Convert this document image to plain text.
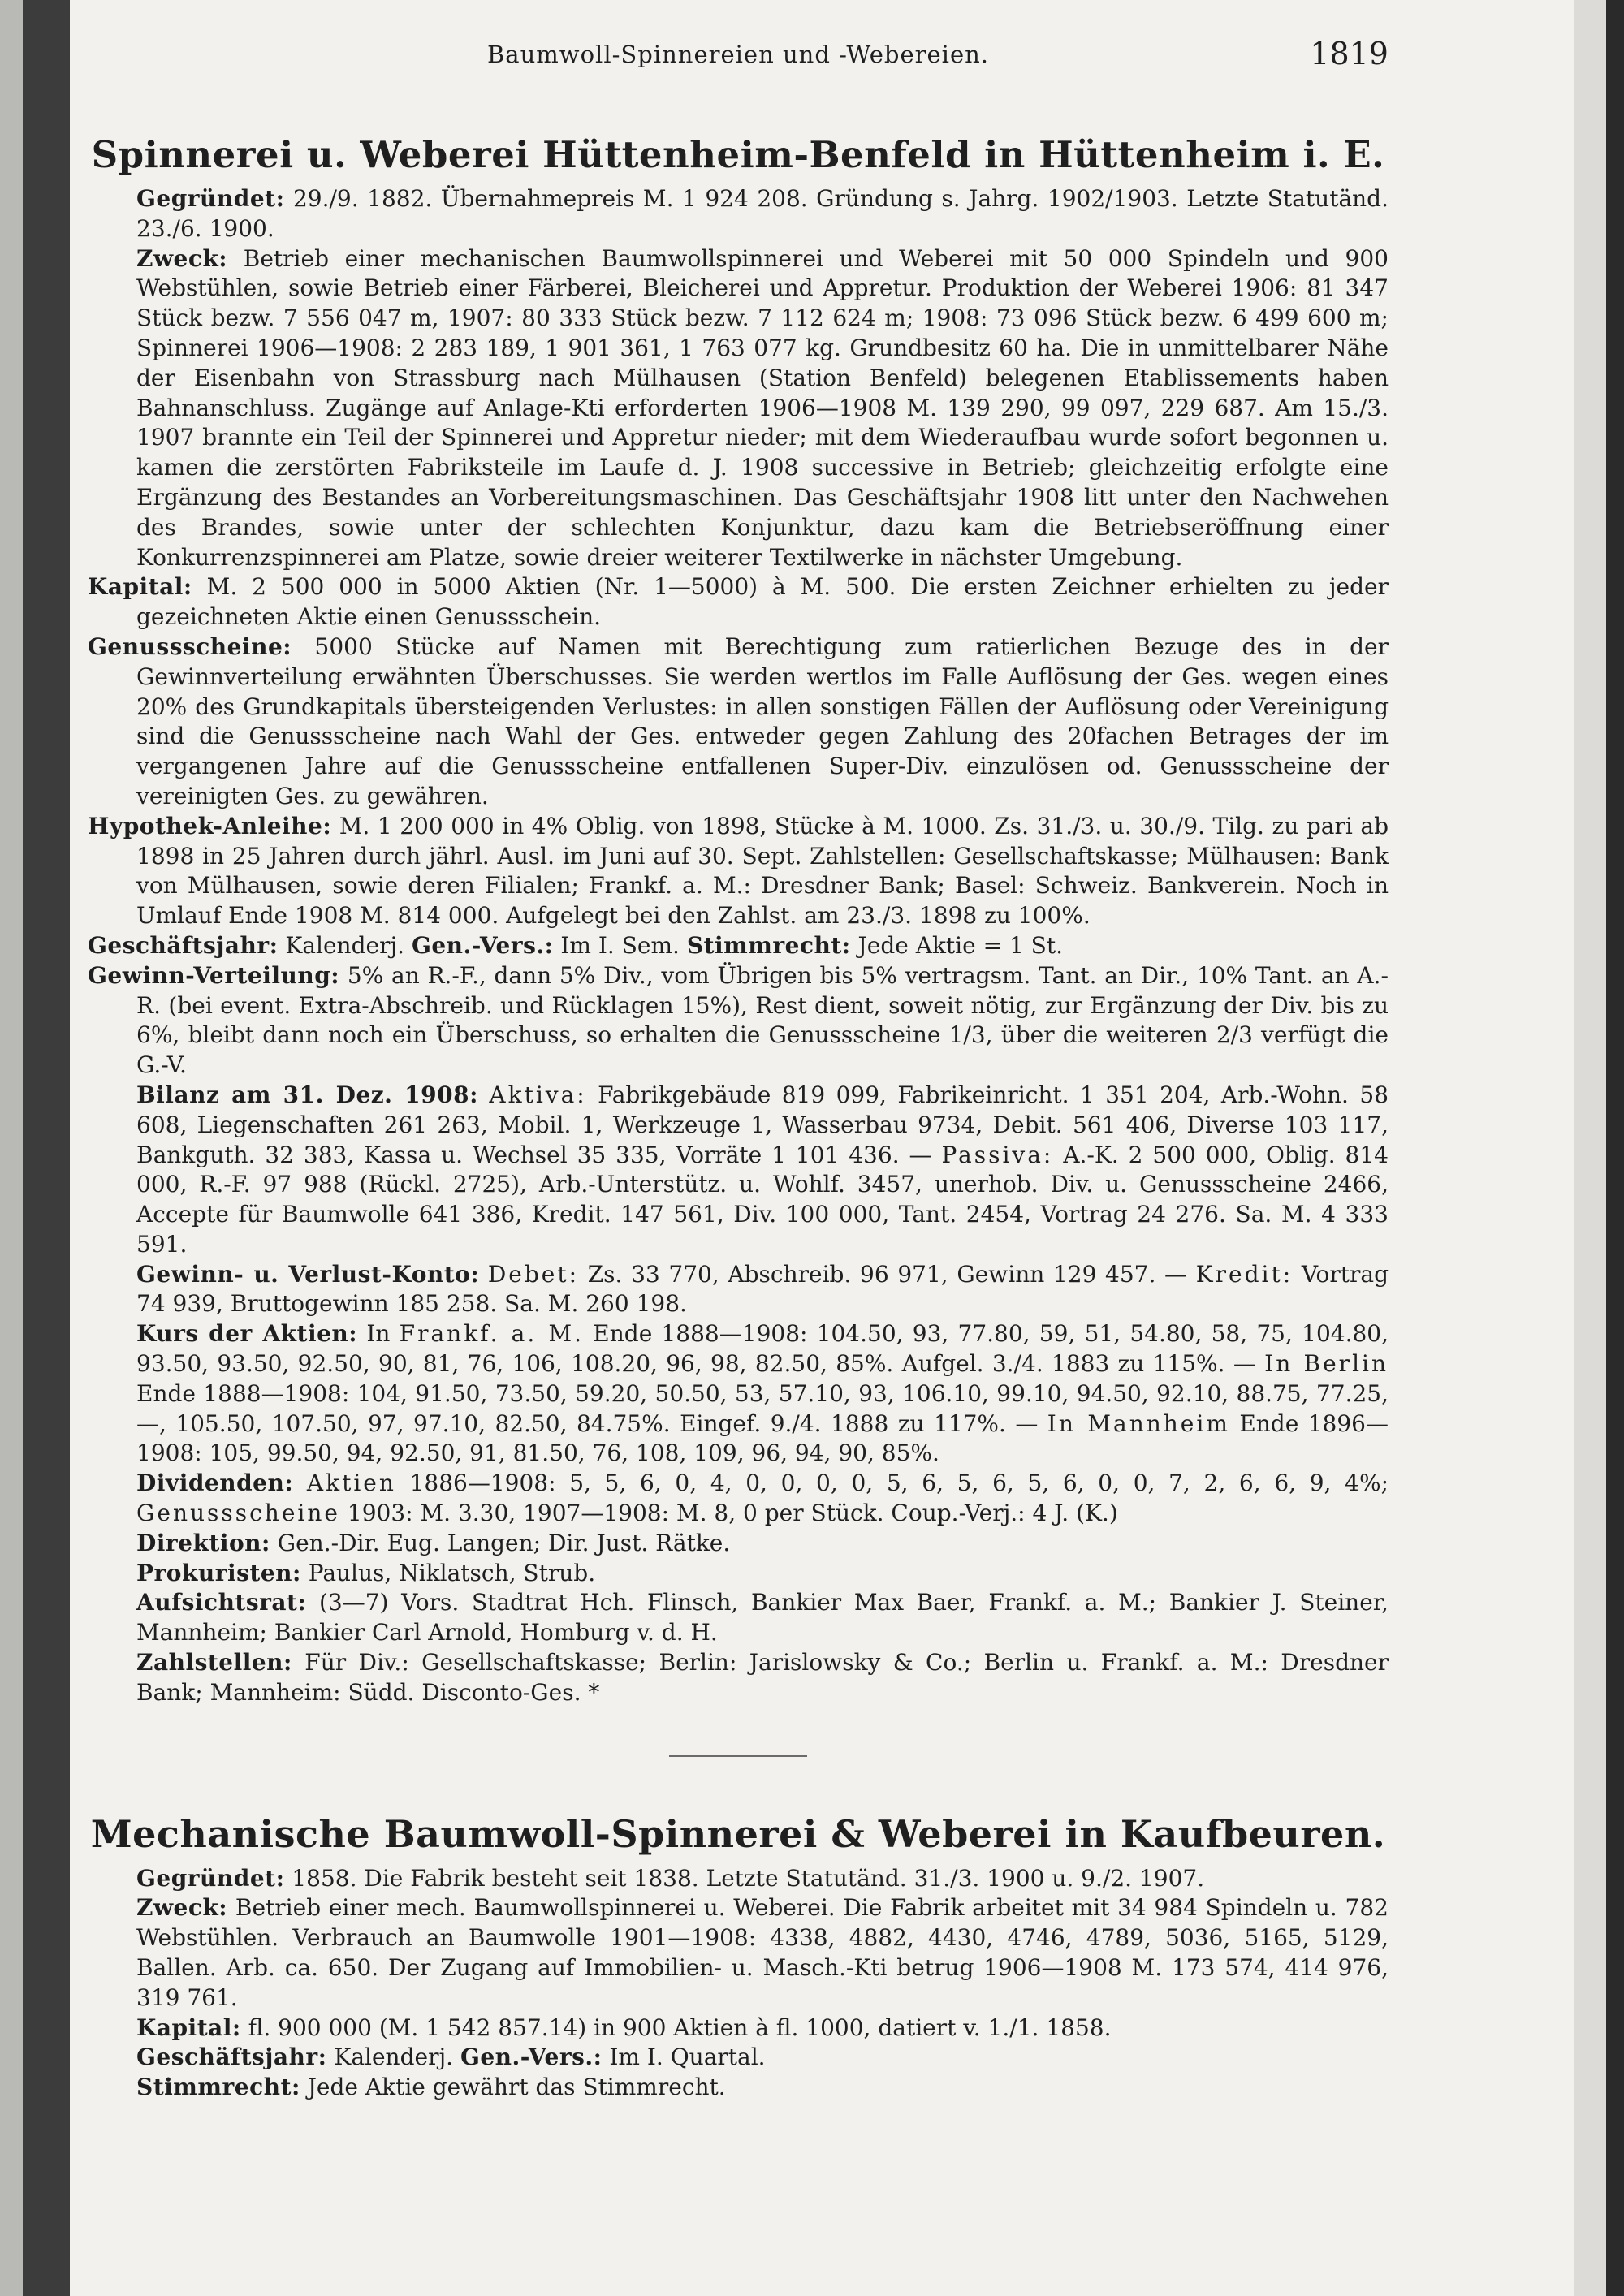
Baumwoll-Spinnereien und -Webereien.	1819
Spinnerei u. Weberei Hüttenheim-Benfeld in Hüttenheim i. E.

Gegründet: 29./9. 1882. Übernahmepreis M. 1 924 208. Gründung s. Jahrg. 1902/1903. Letzte Statutänd. 23./6. 1900.

Zweck: Betrieb einer mechanischen Baumwollspinnerei und Weberei mit 50 000 Spindeln und 900 Webstühlen, sowie Betrieb einer Färberei, Bleicherei und Appretur. Produktion der Weberei 1906: 81 347 Stück bezw. 7 556 047 m, 1907: 80 333 Stück bezw. 7 112 624 m; 1908: 73 096 Stück bezw. 6 499 600 m; Spinnerei 1906—1908: 2 283 189, 1 901 361, 1 763 077 kg. Grundbesitz 60 ha. Die in unmittelbarer Nähe der Eisenbahn von Strassburg nach Mülhausen (Station Benfeld) belegenen Etablissements haben Bahnanschluss. Zugänge auf Anlage-Kti erforderten 1906—1908 M. 139 290, 99 097, 229 687. Am 15./3. 1907 brannte ein Teil der Spinnerei und Appretur nieder; mit dem Wiederaufbau wurde sofort begonnen u. kamen die zerstörten Fabriksteile im Laufe d. J. 1908 successive in Betrieb; gleichzeitig erfolgte eine Ergänzung des Bestandes an Vorbereitungsmaschinen. Das Geschäftsjahr 1908 litt unter den Nachwehen des Brandes, sowie unter der schlechten Konjunktur, dazu kam die Betriebseröffnung einer Konkurrenzspinnerei am Platze, sowie dreier weiterer Textilwerke in nächster Umgebung.

Kapital: M. 2 500 000 in 5000 Aktien (Nr. 1—5000) à M. 500. Die ersten Zeichner erhielten zu jeder gezeichneten Aktie einen Genussschein.

Genussscheine: 5000 Stücke auf Namen mit Berechtigung zum ratierlichen Bezuge des in der Gewinnverteilung erwähnten Überschusses. Sie werden wertlos im Falle Auflösung der Ges. wegen eines 20% des Grundkapitals übersteigenden Verlustes: in allen sonstigen Fällen der Auflösung oder Vereinigung sind die Genussscheine nach Wahl der Ges. entweder gegen Zahlung des 20fachen Betrages der im vergangenen Jahre auf die Genussscheine entfallenen Super-Div. einzulösen od. Genussscheine der vereinigten Ges. zu gewähren.

Hypothek-Anleihe: M. 1 200 000 in 4% Oblig. von 1898, Stücke à M. 1000. Zs. 31./3. u. 30./9. Tilg. zu pari ab 1898 in 25 Jahren durch jährl. Ausl. im Juni auf 30. Sept. Zahlstellen: Gesellschaftskasse; Mülhausen: Bank von Mülhausen, sowie deren Filialen; Frankf. a. M.: Dresdner Bank; Basel: Schweiz. Bankverein. Noch in Umlauf Ende 1908 M. 814 000. Aufgelegt bei den Zahlst. am 23./3. 1898 zu 100%.

Geschäftsjahr: Kalenderj. Gen.-Vers.: Im I. Sem. Stimmrecht: Jede Aktie = 1 St.

Gewinn-Verteilung: 5% an R.-F., dann 5% Div., vom Übrigen bis 5% vertragsm. Tant. an Dir., 10% Tant. an A.-R. (bei event. Extra-Abschreib. und Rücklagen 15%), Rest dient, soweit nötig, zur Ergänzung der Div. bis zu 6%, bleibt dann noch ein Überschuss, so erhalten die Genussscheine 1/3, über die weiteren 2/3 verfügt die G.-V.

Bilanz am 31. Dez. 1908: Aktiva: Fabrikgebäude 819 099, Fabrikeinricht. 1 351 204, Arb.-Wohn. 58 608, Liegenschaften 261 263, Mobil. 1, Werkzeuge 1, Wasserbau 9734, Debit. 561 406, Diverse 103 117, Bankguth. 32 383, Kassa u. Wechsel 35 335, Vorräte 1 101 436. — Passiva: A.-K. 2 500 000, Oblig. 814 000, R.-F. 97 988 (Rückl. 2725), Arb.-Unterstütz. u. Wohlf. 3457, unerhob. Div. u. Genussscheine 2466, Accepte für Baumwolle 641 386, Kredit. 147 561, Div. 100 000, Tant. 2454, Vortrag 24 276. Sa. M. 4 333 591.

Gewinn- u. Verlust-Konto: Debet: Zs. 33 770, Abschreib. 96 971, Gewinn 129 457. — Kredit: Vortrag 74 939, Bruttogewinn 185 258. Sa. M. 260 198.

Kurs der Aktien: In Frankf. a. M. Ende 1888—1908: 104.50, 93, 77.80, 59, 51, 54.80, 58, 75, 104.80, 93.50, 93.50, 92.50, 90, 81, 76, 106, 108.20, 96, 98, 82.50, 85%. Aufgel. 3./4. 1883 zu 115%. — In Berlin Ende 1888—1908: 104, 91.50, 73.50, 59.20, 50.50, 53, 57.10, 93, 106.10, 99.10, 94.50, 92.10, 88.75, 77.25, —, 105.50, 107.50, 97, 97.10, 82.50, 84.75%. Eingef. 9./4. 1888 zu 117%. — In Mannheim Ende 1896—1908: 105, 99.50, 94, 92.50, 91, 81.50, 76, 108, 109, 96, 94, 90, 85%.

Dividenden: Aktien 1886—1908: 5, 5, 6, 0, 4, 0, 0, 0, 0, 5, 6, 5, 6, 5, 6, 0, 0, 7, 2, 6, 6, 9, 4%; Genussscheine 1903: M. 3.30, 1907—1908: M. 8, 0 per Stück. Coup.-Verj.: 4 J. (K.)

Direktion: Gen.-Dir. Eug. Langen; Dir. Just. Rätke.

Prokuristen: Paulus, Niklatsch, Strub.

Aufsichtsrat: (3—7) Vors. Stadtrat Hch. Flinsch, Bankier Max Baer, Frankf. a. M.; Bankier J. Steiner, Mannheim; Bankier Carl Arnold, Homburg v. d. H.

Zahlstellen: Für Div.: Gesellschaftskasse; Berlin: Jarislowsky & Co.; Berlin u. Frankf. a. M.: Dresdner Bank; Mannheim: Südd. Disconto-Ges. *

Mechanische Baumwoll-Spinnerei & Weberei in Kaufbeuren.

Gegründet: 1858. Die Fabrik besteht seit 1838. Letzte Statutänd. 31./3. 1900 u. 9./2. 1907.

Zweck: Betrieb einer mech. Baumwollspinnerei u. Weberei. Die Fabrik arbeitet mit 34 984 Spindeln u. 782 Webstühlen. Verbrauch an Baumwolle 1901—1908: 4338, 4882, 4430, 4746, 4789, 5036, 5165, 5129, Ballen. Arb. ca. 650. Der Zugang auf Immobilien- u. Masch.-Kti betrug 1906—1908 M. 173 574, 414 976, 319 761.

Kapital: fl. 900 000 (M. 1 542 857.14) in 900 Aktien à fl. 1000, datiert v. 1./1. 1858.

Geschäftsjahr: Kalenderj. Gen.-Vers.: Im I. Quartal.

Stimmrecht: Jede Aktie gewährt das Stimmrecht.
